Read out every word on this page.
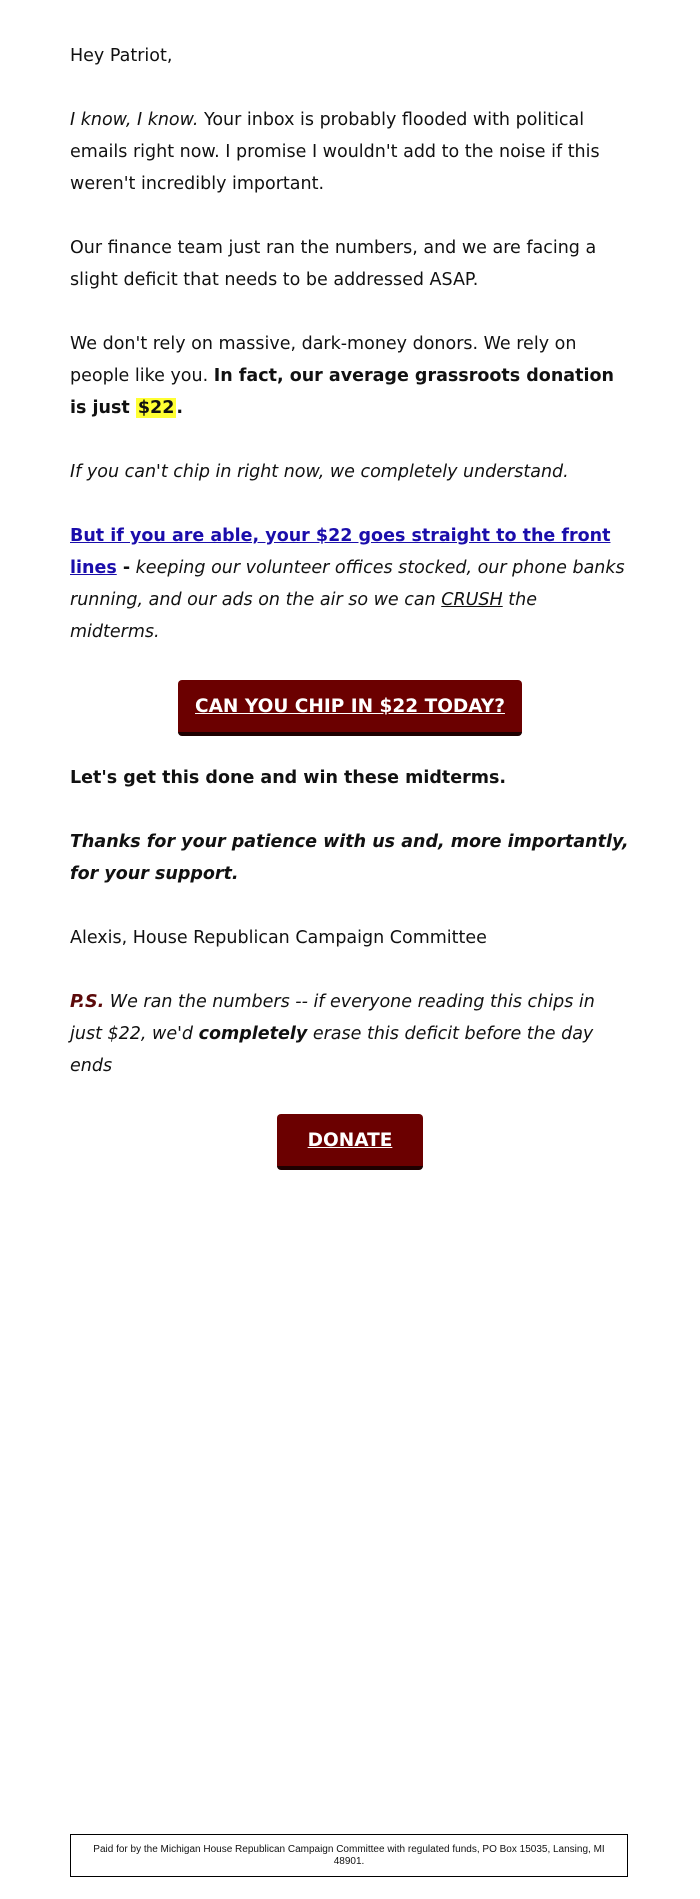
Hey Patriot,

I know, I know. Your inbox is probably flooded with political emails right now. I promise I wouldn't add to the noise if this weren't incredibly important.

Our finance team just ran the numbers, and we are facing a slight deficit that needs to be addressed ASAP.

We don't rely on massive, dark-money donors. We rely on people like you. In fact, our average grassroots donation is just $22 .

If you can't chip in right now, we completely understand.

But if you are able, your $22 goes straight to the front lines - keeping our volunteer offices stocked, our phone banks running, and our ads on the air so we can CRUSH the midterms.

CAN YOU CHIP IN $22 TODAY?

Let's get this done and win these midterms.

Thanks for your patience with us and, more importantly, for your support.

Alexis, House Republican Campaign Committee

P.S. We ran the numbers -- if everyone reading this chips in just $22, we'd completely erase this deficit before the day ends

DONATE
Paid for by the Michigan House Republican Campaign Committee with regulated funds, PO Box 15035, Lansing, MI 48901.
